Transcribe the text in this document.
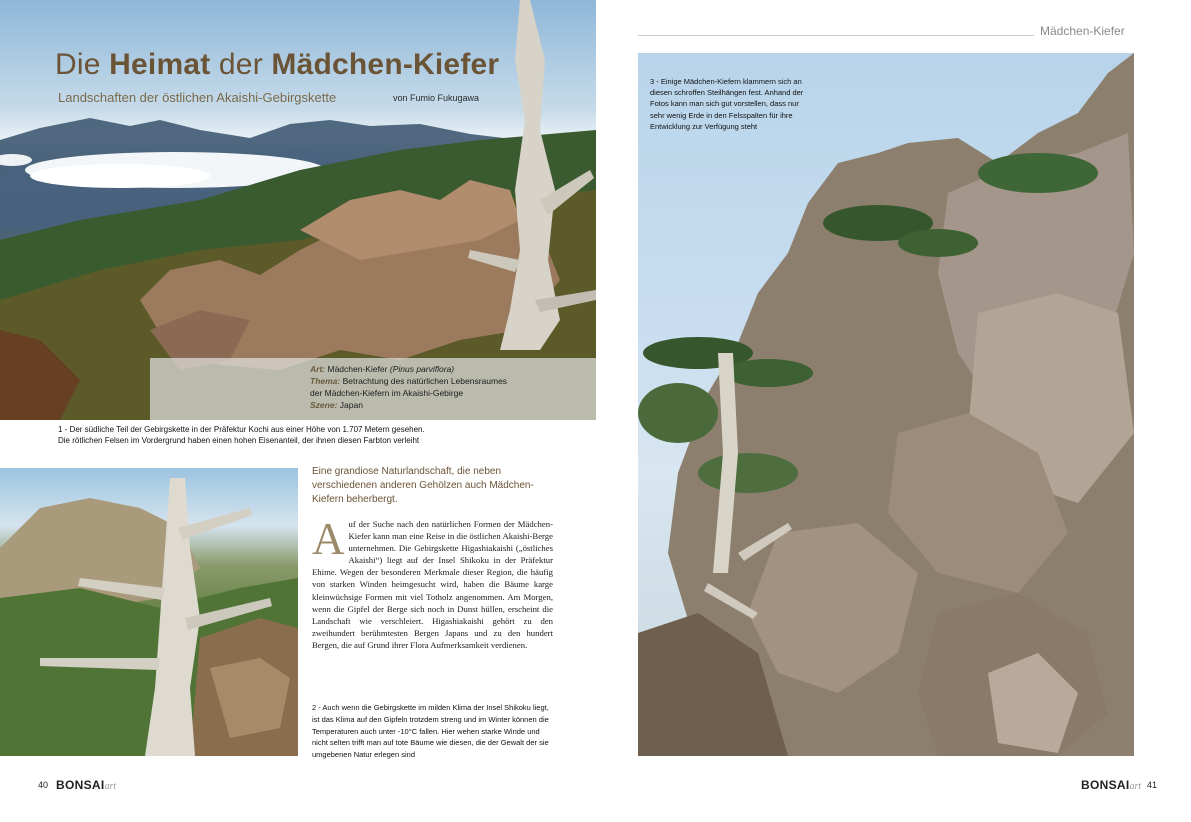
Die Heimat der Mädchen-Kiefer
Landschaften der östlichen Akaishi-Gebirgskette	von Fumio Fukugawa
Art: Mädchen-Kiefer (Pinus parviflora)
Thema: Betrachtung des natürlichen Lebensraumes
der Mädchen-Kiefern im Akaishi-Gebirge
Szene: Japan
1 - Der südliche Teil der Gebirgskette in der Präfektur Kochi aus einer Höhe von 1.707 Metern gesehen.
Die rötlichen Felsen im Vordergrund haben einen hohen Eisenanteil, der ihnen diesen Farbton verleiht
Eine grandiose Naturlandschaft, die neben verschiedenen anderen Gehölzen auch Mädchen-Kiefern beherbergt.
Auf der Suche nach den natürlichen Formen der Mädchen-Kiefer kann man eine Reise in die östlichen Akaishi-Berge unternehmen. Die Gebirgskette Higashiakaishi („östliches Akaishi“) liegt auf der Insel Shikoku in der Präfektur Ehime. Wegen der besonderen Merkmale dieser Region, die häufig von starken Winden heimgesucht wird, haben die Bäume karge kleinwüchsige Formen mit viel Totholz angenommen. Am Morgen, wenn die Gipfel der Berge sich noch in Dunst hüllen, erscheint die Landschaft wie verschleiert. Higashiakaishi gehört zu den zweihundert berühmtesten Bergen Japans und zu den hundert Bergen, die auf Grund ihrer Flora Aufmerksamkeit verdienen.
2 - Auch wenn die Gebirgskette im milden Klima der Insel Shikoku liegt, ist das Klima auf den Gipfeln trotzdem streng und im Winter können die Temperaturen auch unter -10°C fallen. Hier wehen starke Winde und nicht selten trifft man auf tote Bäume wie diesen, die der Gewalt der sie umgebenen Natur erlegen sind
40 BONSAIart
Mädchen-Kiefer
3 - Einige Mädchen-Kiefern klammern sich an diesen schroffen Steilhängen fest. Anhand der Fotos kann man sich gut vorstellen, dass nur sehr wenig Erde in den Felsspalten für ihre Entwicklung zur Verfügung steht
BONSAIart 41
